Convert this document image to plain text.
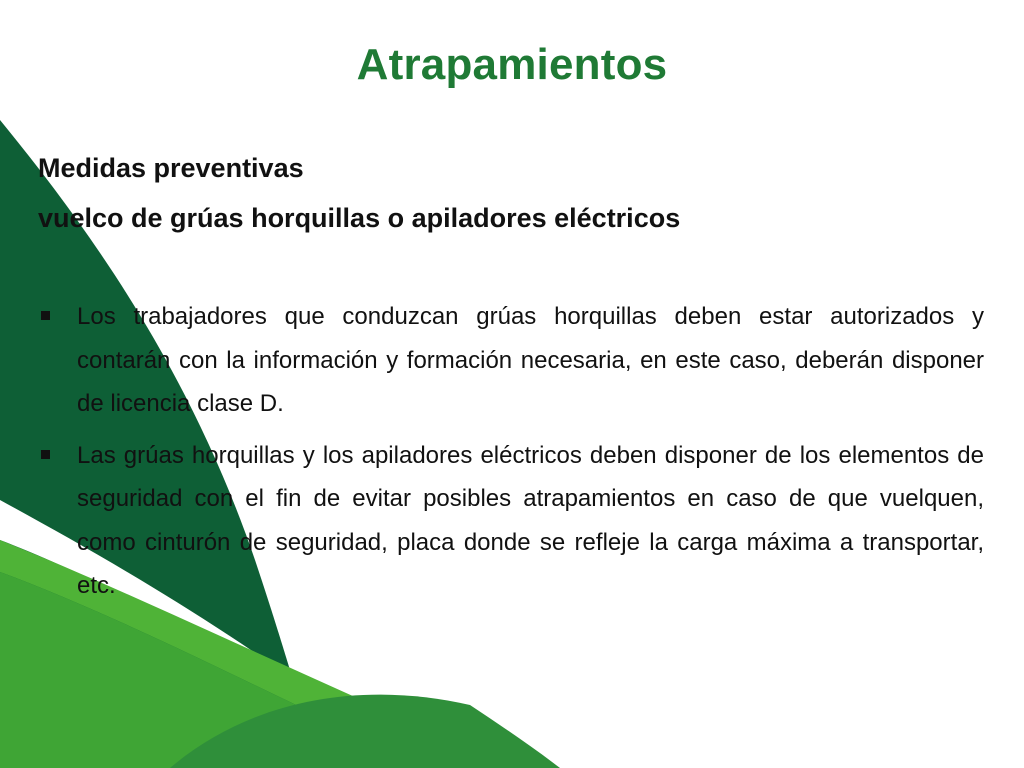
Atrapamientos
Medidas preventivas
vuelco de grúas horquillas o apiladores eléctricos
Los trabajadores que conduzcan grúas horquillas deben estar autorizados y contarán con la información y formación necesaria, en este caso, deberán disponer de licencia clase D.
Las grúas horquillas y los apiladores eléctricos deben disponer de los elementos de seguridad con el fin de evitar posibles atrapamientos en caso de que vuelquen, como cinturón de seguridad, placa donde se refleje la carga máxima a transportar, etc.
